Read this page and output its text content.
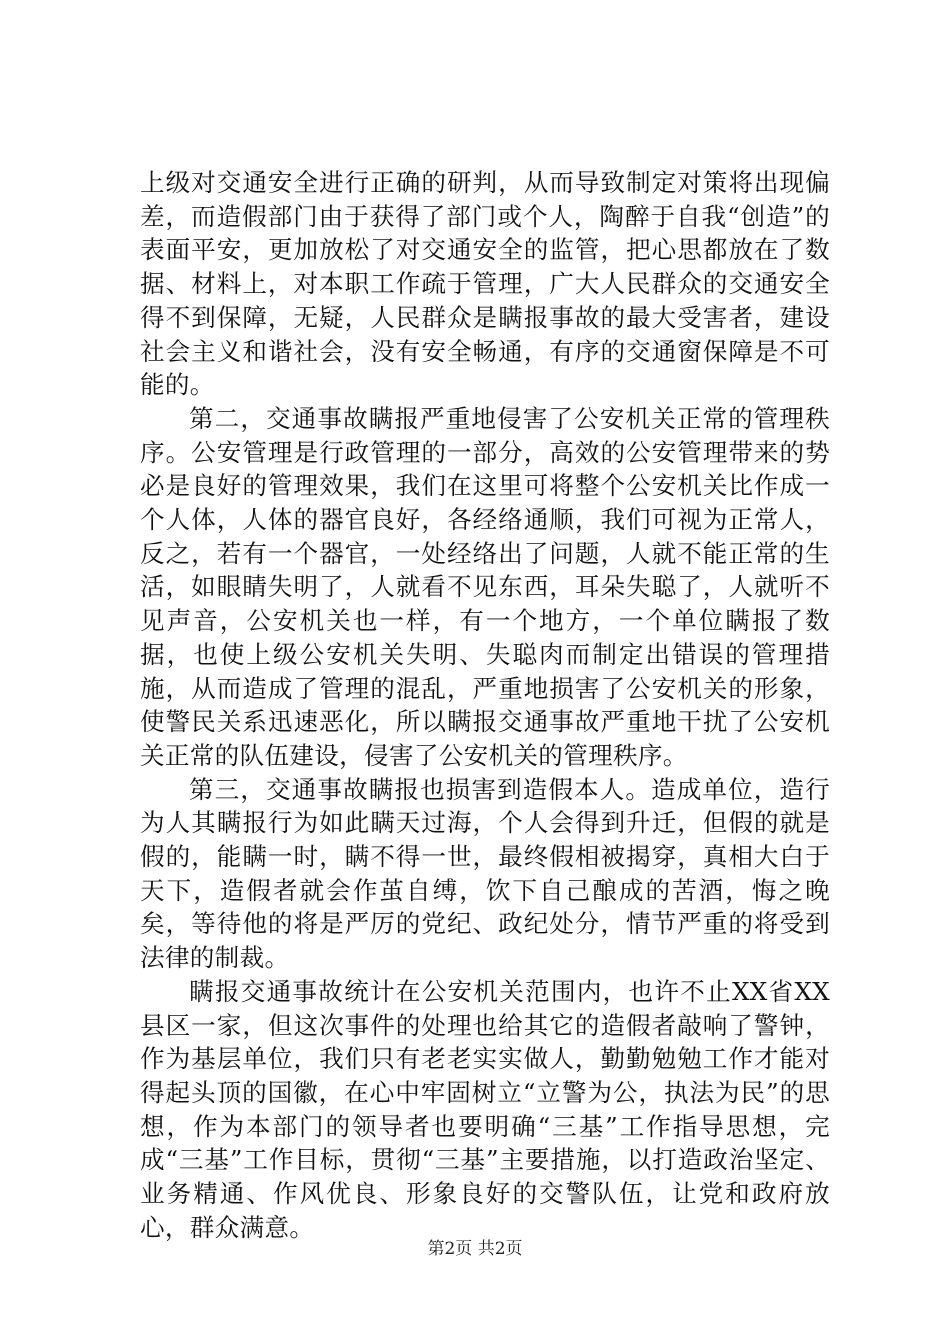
上级对交通安全进行正确的研判，从而导致制定对策将出现偏差，而造假部门由于获得了部门或个人，陶醉于自我“创造”的表面平安，更加放松了对交通安全的监管，把心思都放在了数据、材料上，对本职工作疏于管理，广大人民群众的交通安全得不到保障，无疑，人民群众是瞒报事故的最大受害者，建设社会主义和谐社会，没有安全畅通，有序的交通窗保障是不可能的。

第二，交通事故瞒报严重地侵害了公安机关正常的管理秩序。公安管理是行政管理的一部分，高效的公安管理带来的势必是良好的管理效果，我们在这里可将整个公安机关比作成一个人体，人体的器官良好，各经络通顺，我们可视为正常人，反之，若有一个器官，一处经络出了问题，人就不能正常的生活，如眼睛失明了，人就看不见东西，耳朵失聪了，人就听不见声音，公安机关也一样，有一个地方，一个单位瞒报了数据，也使上级公安机关失明、失聪肉而制定出错误的管理措施，从而造成了管理的混乱，严重地损害了公安机关的形象，使警民关系迅速恶化，所以瞒报交通事故严重地干扰了公安机关正常的队伍建设，侵害了公安机关的管理秩序。

第三，交通事故瞒报也损害到造假本人。造成单位，造行为人其瞒报行为如此瞒天过海，个人会得到升迁，但假的就是假的，能瞒一时，瞒不得一世，最终假相被揭穿，真相大白于天下，造假者就会作茧自缚，饮下自己酿成的苦酒，悔之晚矣，等待他的将是严厉的党纪、政纪处分，情节严重的将受到法律的制裁。

瞒报交通事故统计在公安机关范围内，也许不止XX省XX县区一家，但这次事件的处理也给其它的造假者敲响了警钟，作为基层单位，我们只有老老实实做人，勤勤勉勉工作才能对得起头顶的国徽，在心中牢固树立“立警为公，执法为民”的思想，作为本部门的领导者也要明确“三基”工作指导思想，完成“三基”工作目标，贯彻“三基”主要措施，以打造政治坚定、业务精通、作风优良、形象良好的交警队伍，让党和政府放心，群众满意。

第2页 共2页
